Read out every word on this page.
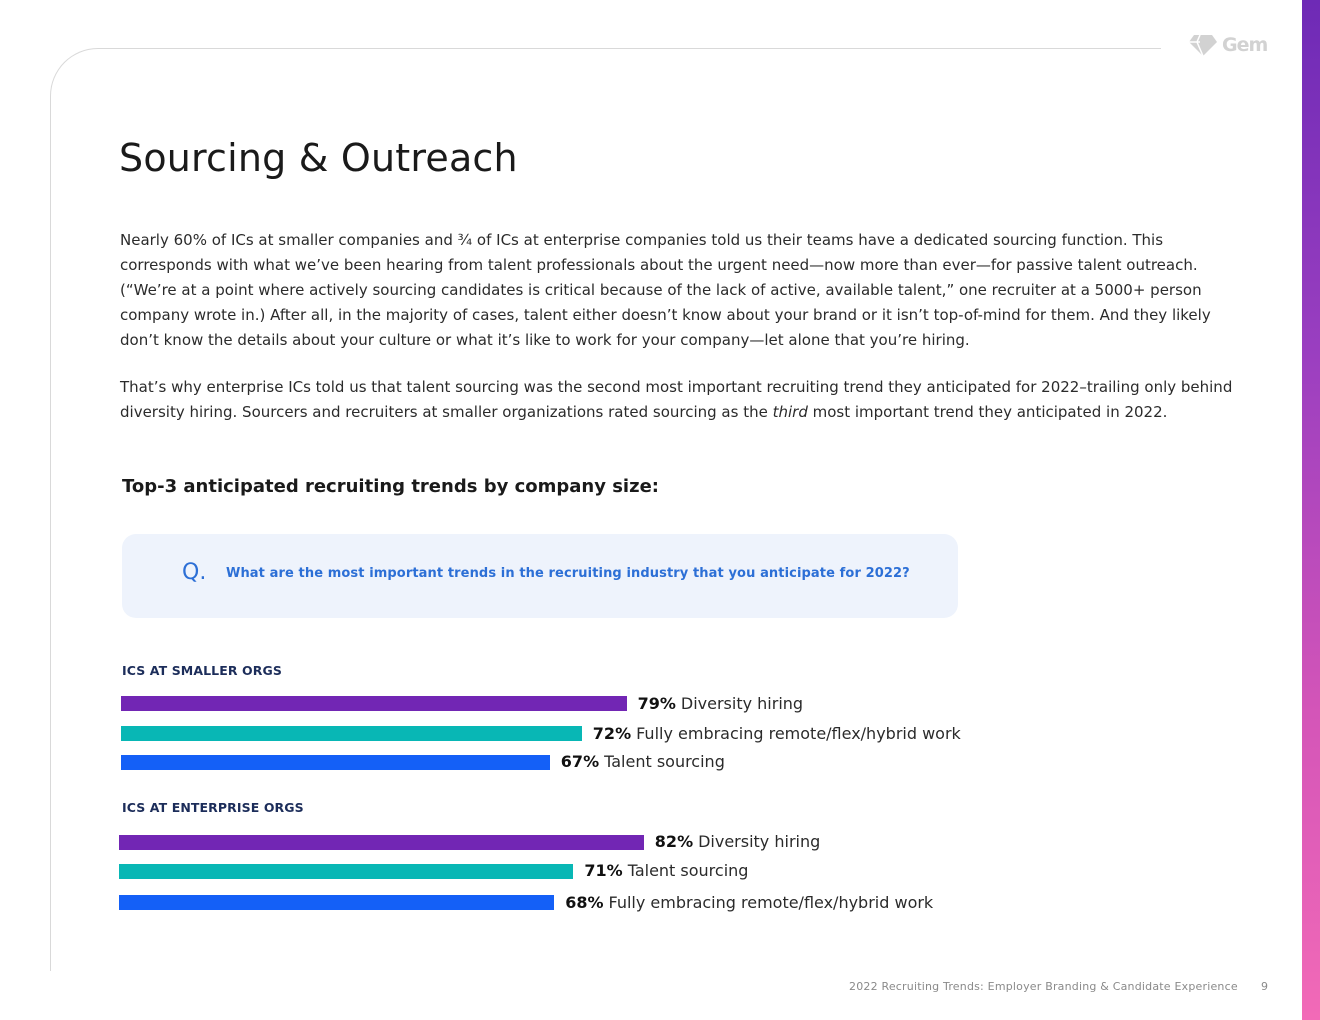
Gem
Sourcing & Outreach

Nearly 60% of ICs at smaller companies and ¾ of ICs at enterprise companies told us their teams have a dedicated sourcing function. This corresponds with what we’ve been hearing from talent professionals about the urgent need—now more than ever—for passive talent outreach. (“We’re at a point where actively sourcing candidates is critical because of the lack of active, available talent,” one recruiter at a 5000+ person company wrote in.) After all, in the majority of cases, talent either doesn’t know about your brand or it isn’t top-of-mind for them. And they likely don’t know the details about your culture or what it’s like to work for your company—let alone that you’re hiring.

That’s why enterprise ICs told us that talent sourcing was the second most important recruiting trend they anticipated for 2022–trailing only behind diversity hiring. Sourcers and recruiters at smaller organizations rated sourcing as the third most important trend they anticipated in 2022.

Top-3 anticipated recruiting trends by company size:
Q. What are the most important trends in the recruiting industry that you anticipate for 2022?
ICS AT SMALLER ORGS
79% Diversity hiring
72% Fully embracing remote/flex/hybrid work
67% Talent sourcing
ICS AT ENTERPRISE ORGS
82% Diversity hiring
71% Talent sourcing
68% Fully embracing remote/flex/hybrid work
2022 Recruiting Trends: Employer Branding & Candidate Experience 9
